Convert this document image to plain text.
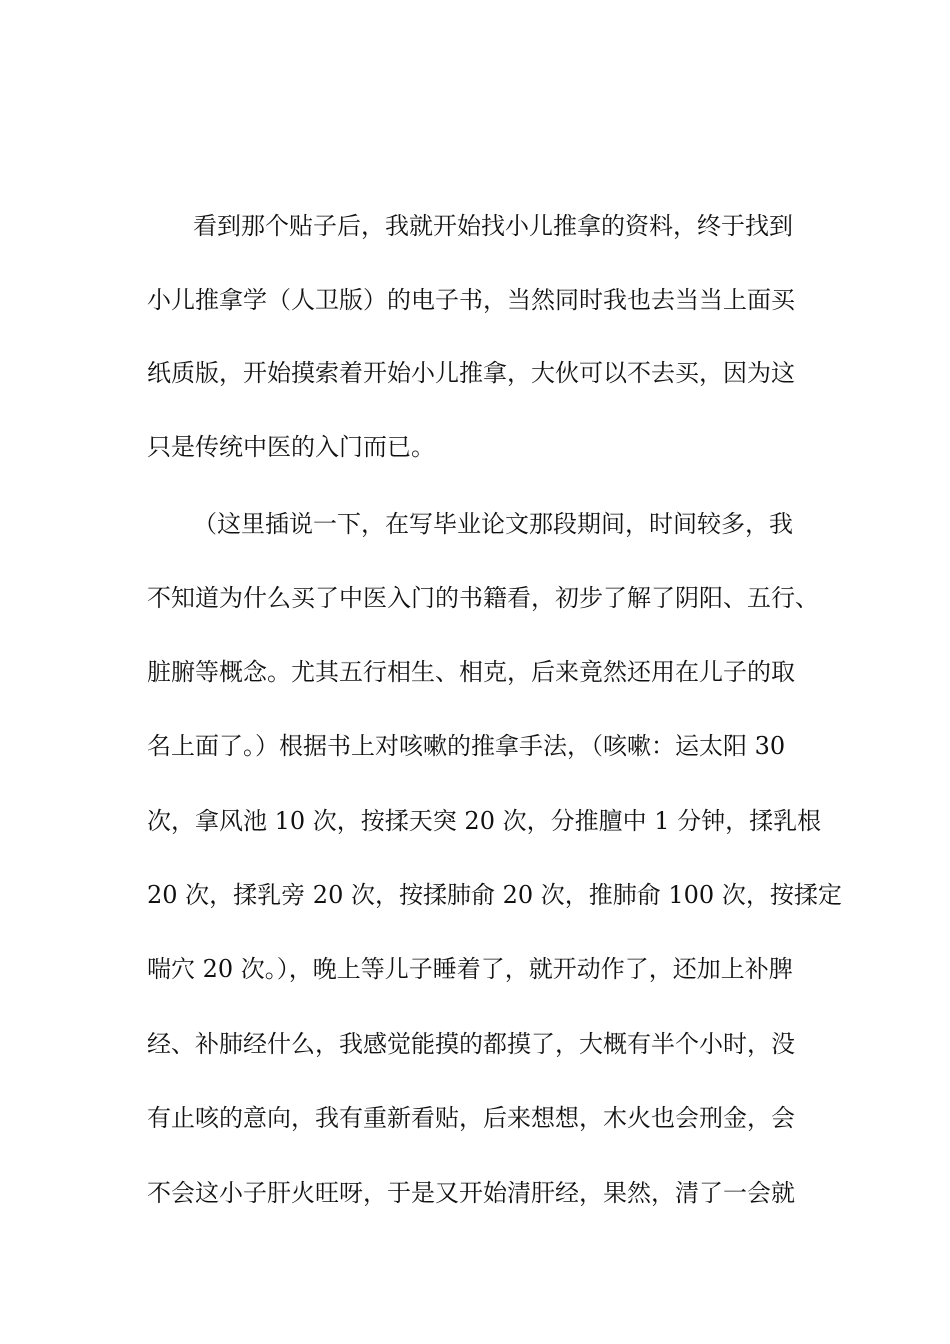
看到那个贴子后，我就开始找小儿推拿的资料，终于找到
小儿推拿学（人卫版）的电子书，当然同时我也去当当上面买
纸质版，开始摸索着开始小儿推拿，大伙可以不去买，因为这
只是传统中医的入门而已。
（这里插说一下，在写毕业论文那段期间，时间较多，我
不知道为什么买了中医入门的书籍看，初步了解了阴阳、五行、
脏腑等概念。尤其五行相生、相克，后来竟然还用在儿子的取
名上面了。）根据书上对咳嗽的推拿手法，（咳嗽：运太阳 30
次，拿风池 10 次，按揉天突 20 次，分推膻中 1 分钟，揉乳根
20 次，揉乳旁 20 次，按揉肺俞 20 次，推肺俞 100 次，按揉定
喘穴 20 次。），晚上等儿子睡着了，就开动作了，还加上补脾
经、补肺经什么，我感觉能摸的都摸了，大概有半个小时，没
有止咳的意向，我有重新看贴，后来想想，木火也会刑金，会
不会这小子肝火旺呀，于是又开始清肝经，果然，清了一会就
